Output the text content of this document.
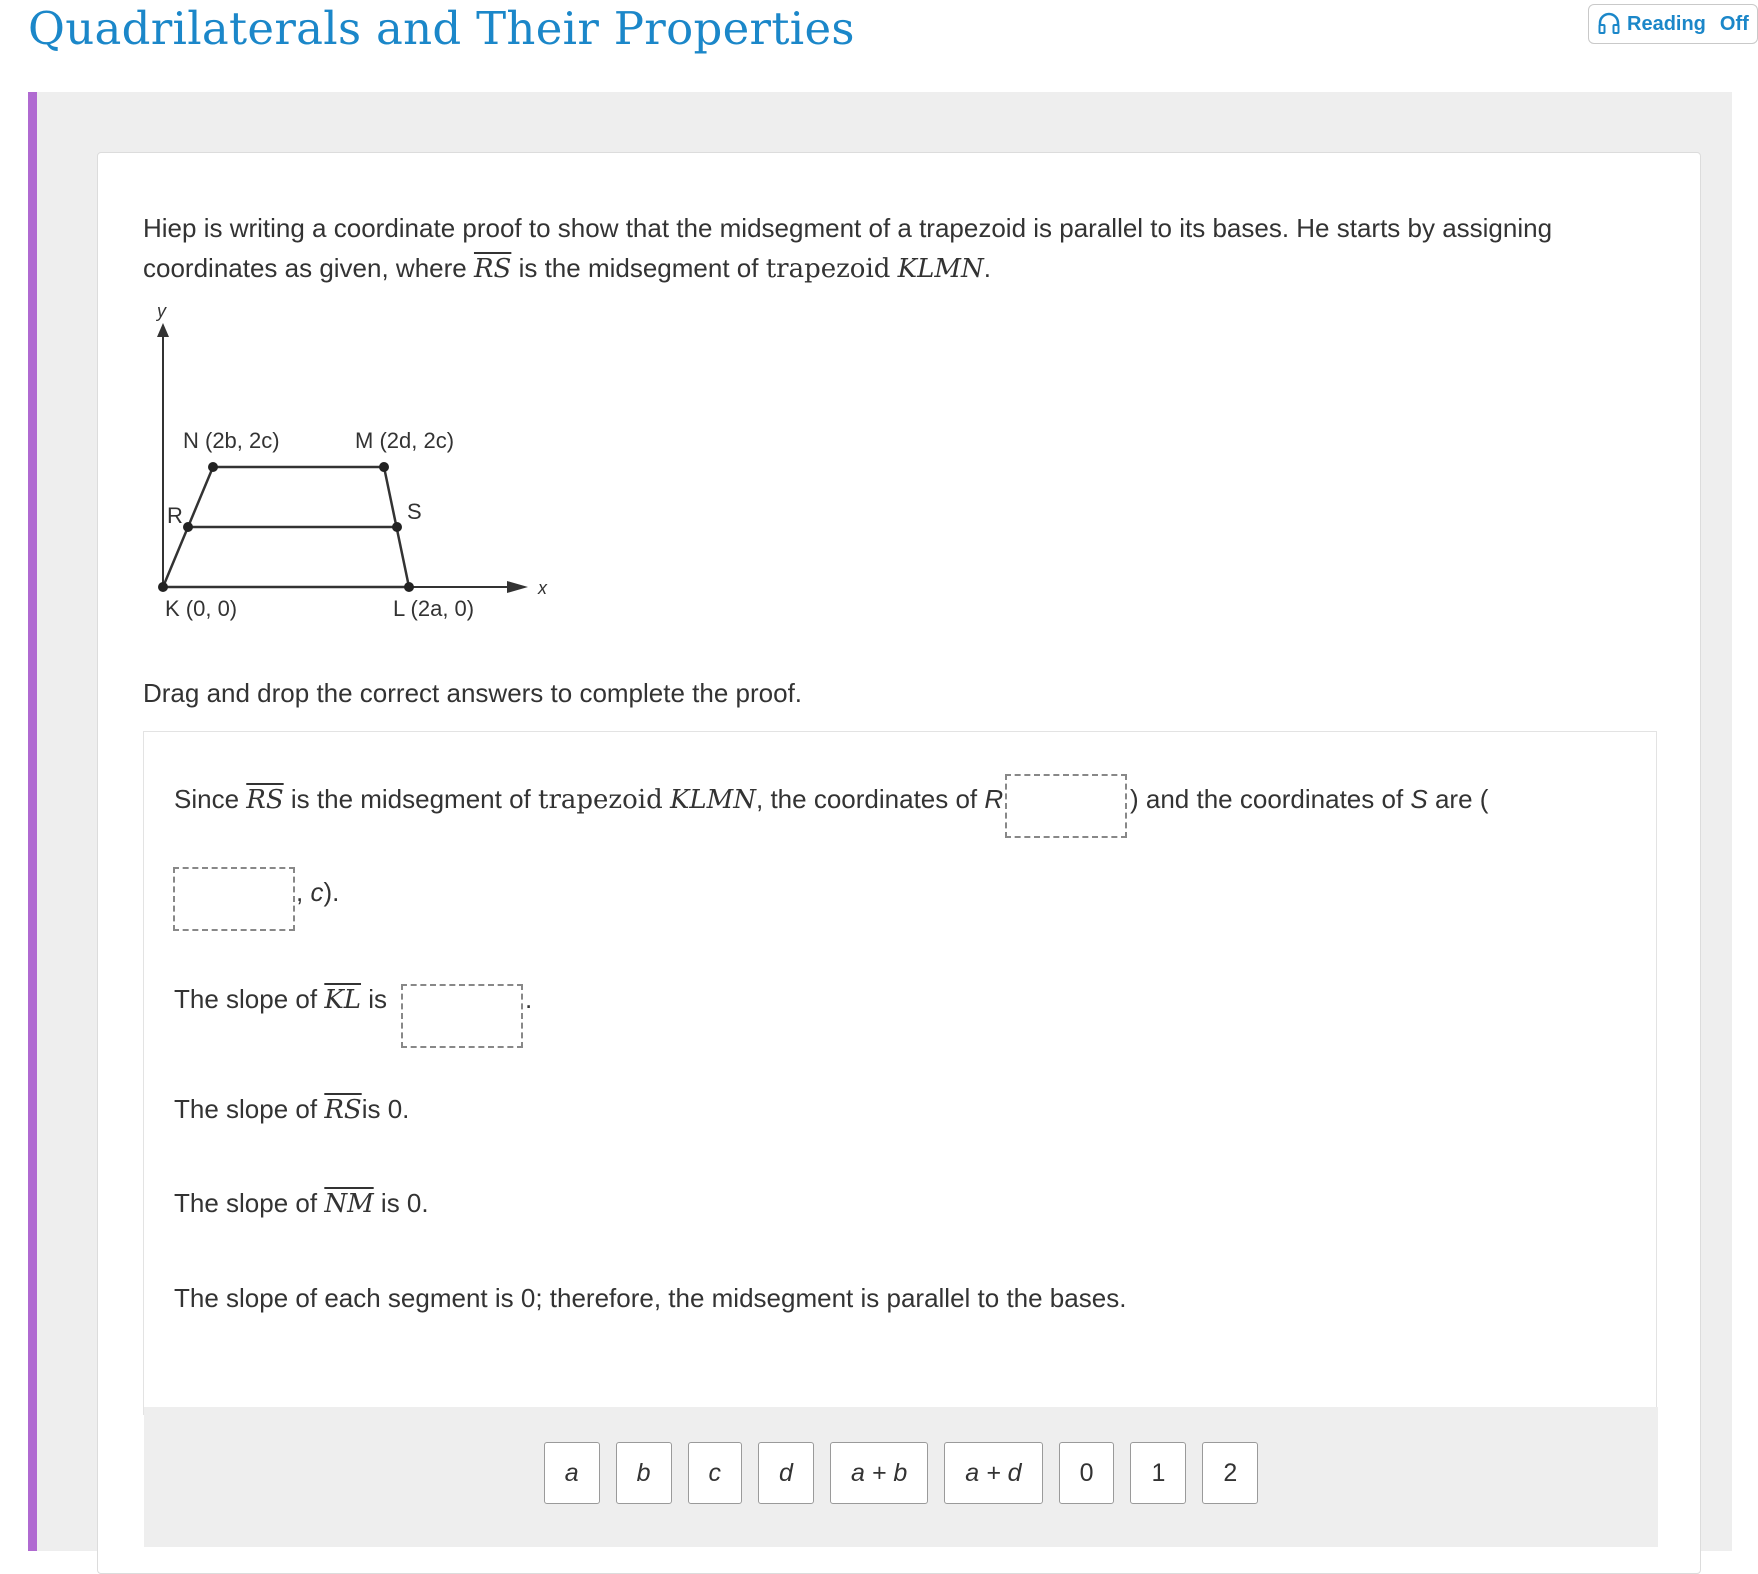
Quadrilaterals and Their Properties	Reading Off
Hiep is writing a coordinate proof to show that the midsegment of a trapezoid is parallel to its bases. He starts by assigning
coordinates as given, where $\overline{RS}$ is the midsegment of trapezoid KLMN.
y
x
N (2b, 2c)	M (2d, 2c)
R	S
K (0, 0)	L (2a, 0)
Drag and drop the correct answers to complete the proof.
Since $\overline{RS}$ is the midsegment of trapezoid KLMN, the coordinates of R	) and the coordinates of S are (
, c).
The slope of $\overline{KL}$ is	.
The slope of $\overline{RS}is$ 0.
The slope of $\overline{NM}$ is 0.
The slope of each segment is 0; therefore, the midsegment is parallel to the bases.
a b c d a + b a + d 0 1 2
